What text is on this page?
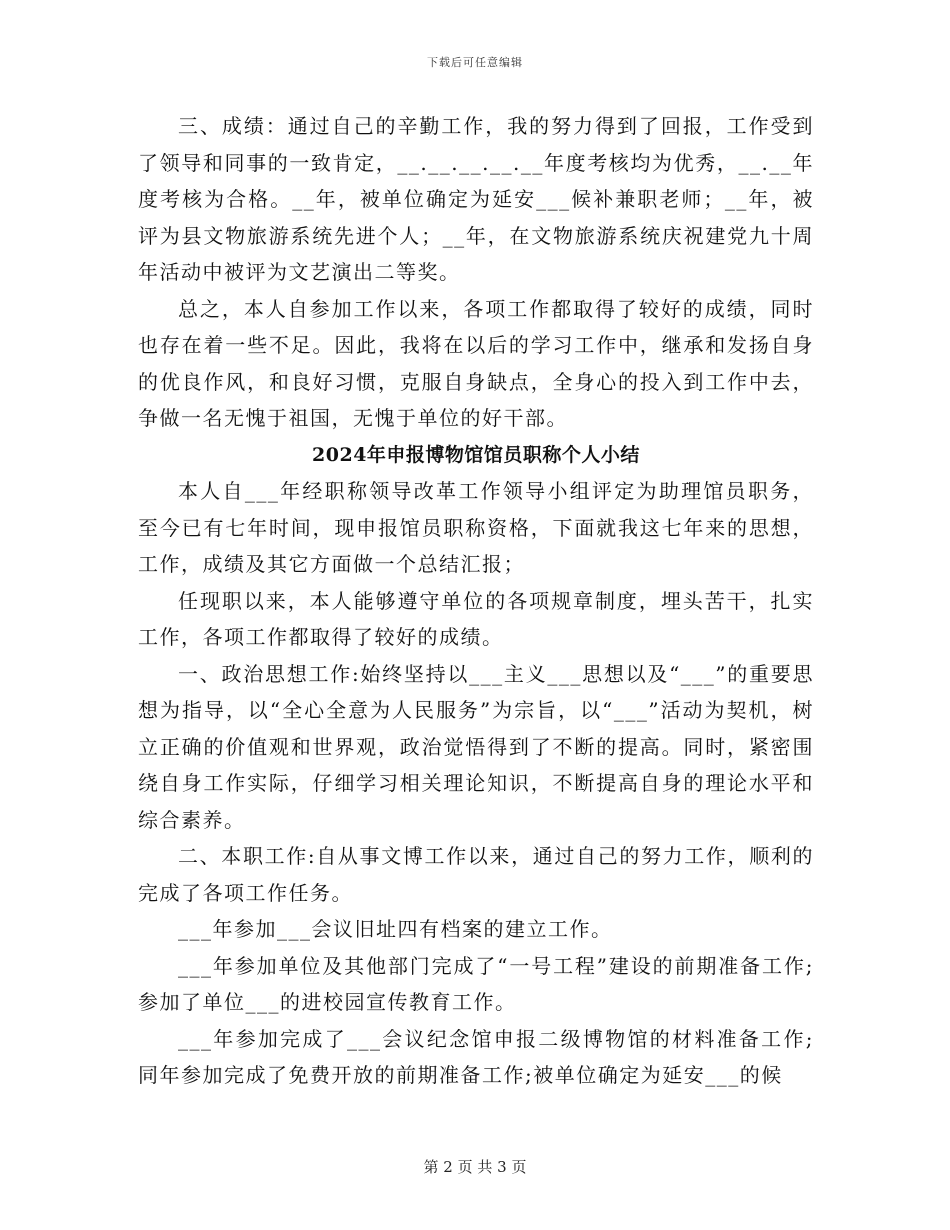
下载后可任意编辑

三、成绩：通过自己的辛勤工作，我的努力得到了回报，工作受到了领导和同事的一致肯定，__.__.__.__.__年度考核均为优秀，__.__年度考核为合格。__年，被单位确定为延安___候补兼职老师；__年，被评为县文物旅游系统先进个人；__年，在文物旅游系统庆祝建党九十周年活动中被评为文艺演出二等奖。

总之，本人自参加工作以来，各项工作都取得了较好的成绩，同时也存在着一些不足。因此，我将在以后的学习工作中，继承和发扬自身的优良作风，和良好习惯，克服自身缺点，全身心的投入到工作中去，争做一名无愧于祖国，无愧于单位的好干部。

2024年申报博物馆馆员职称个人小结

本人自___年经职称领导改革工作领导小组评定为助理馆员职务，至今已有七年时间，现申报馆员职称资格，下面就我这七年来的思想，工作，成绩及其它方面做一个总结汇报；

任现职以来，本人能够遵守单位的各项规章制度，埋头苦干，扎实工作，各项工作都取得了较好的成绩。

一、政治思想工作:始终坚持以___主义___思想以及“___”的重要思想为指导，以“全心全意为人民服务”为宗旨，以“___”活动为契机，树立正确的价值观和世界观，政治觉悟得到了不断的提高。同时，紧密围绕自身工作实际，仔细学习相关理论知识，不断提高自身的理论水平和综合素养。

二、本职工作:自从事文博工作以来，通过自己的努力工作，顺利的完成了各项工作任务。

___年参加___会议旧址四有档案的建立工作。

___年参加单位及其他部门完成了“一号工程”建设的前期准备工作;参加了单位___的进校园宣传教育工作。

___年参加完成了___会议纪念馆申报二级博物馆的材料准备工作;同年参加完成了免费开放的前期准备工作;被单位确定为延安___的候

第 2 页 共 3 页
